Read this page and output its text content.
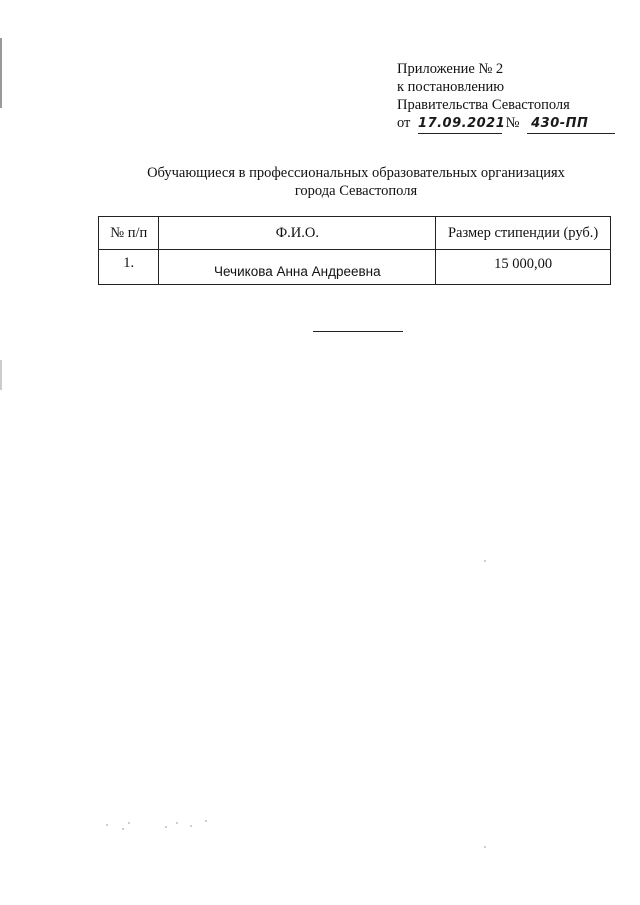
Приложение № 2
к постановлению
Правительства Севастополя
от 17.09.2021 № 430-ПП
Обучающиеся в профессиональных образовательных организациях
города Севастополя
№ п/п	Ф.И.О.	Размер стипендии (руб.)
1.	Чечикова Анна Андреевна	15 000,00
